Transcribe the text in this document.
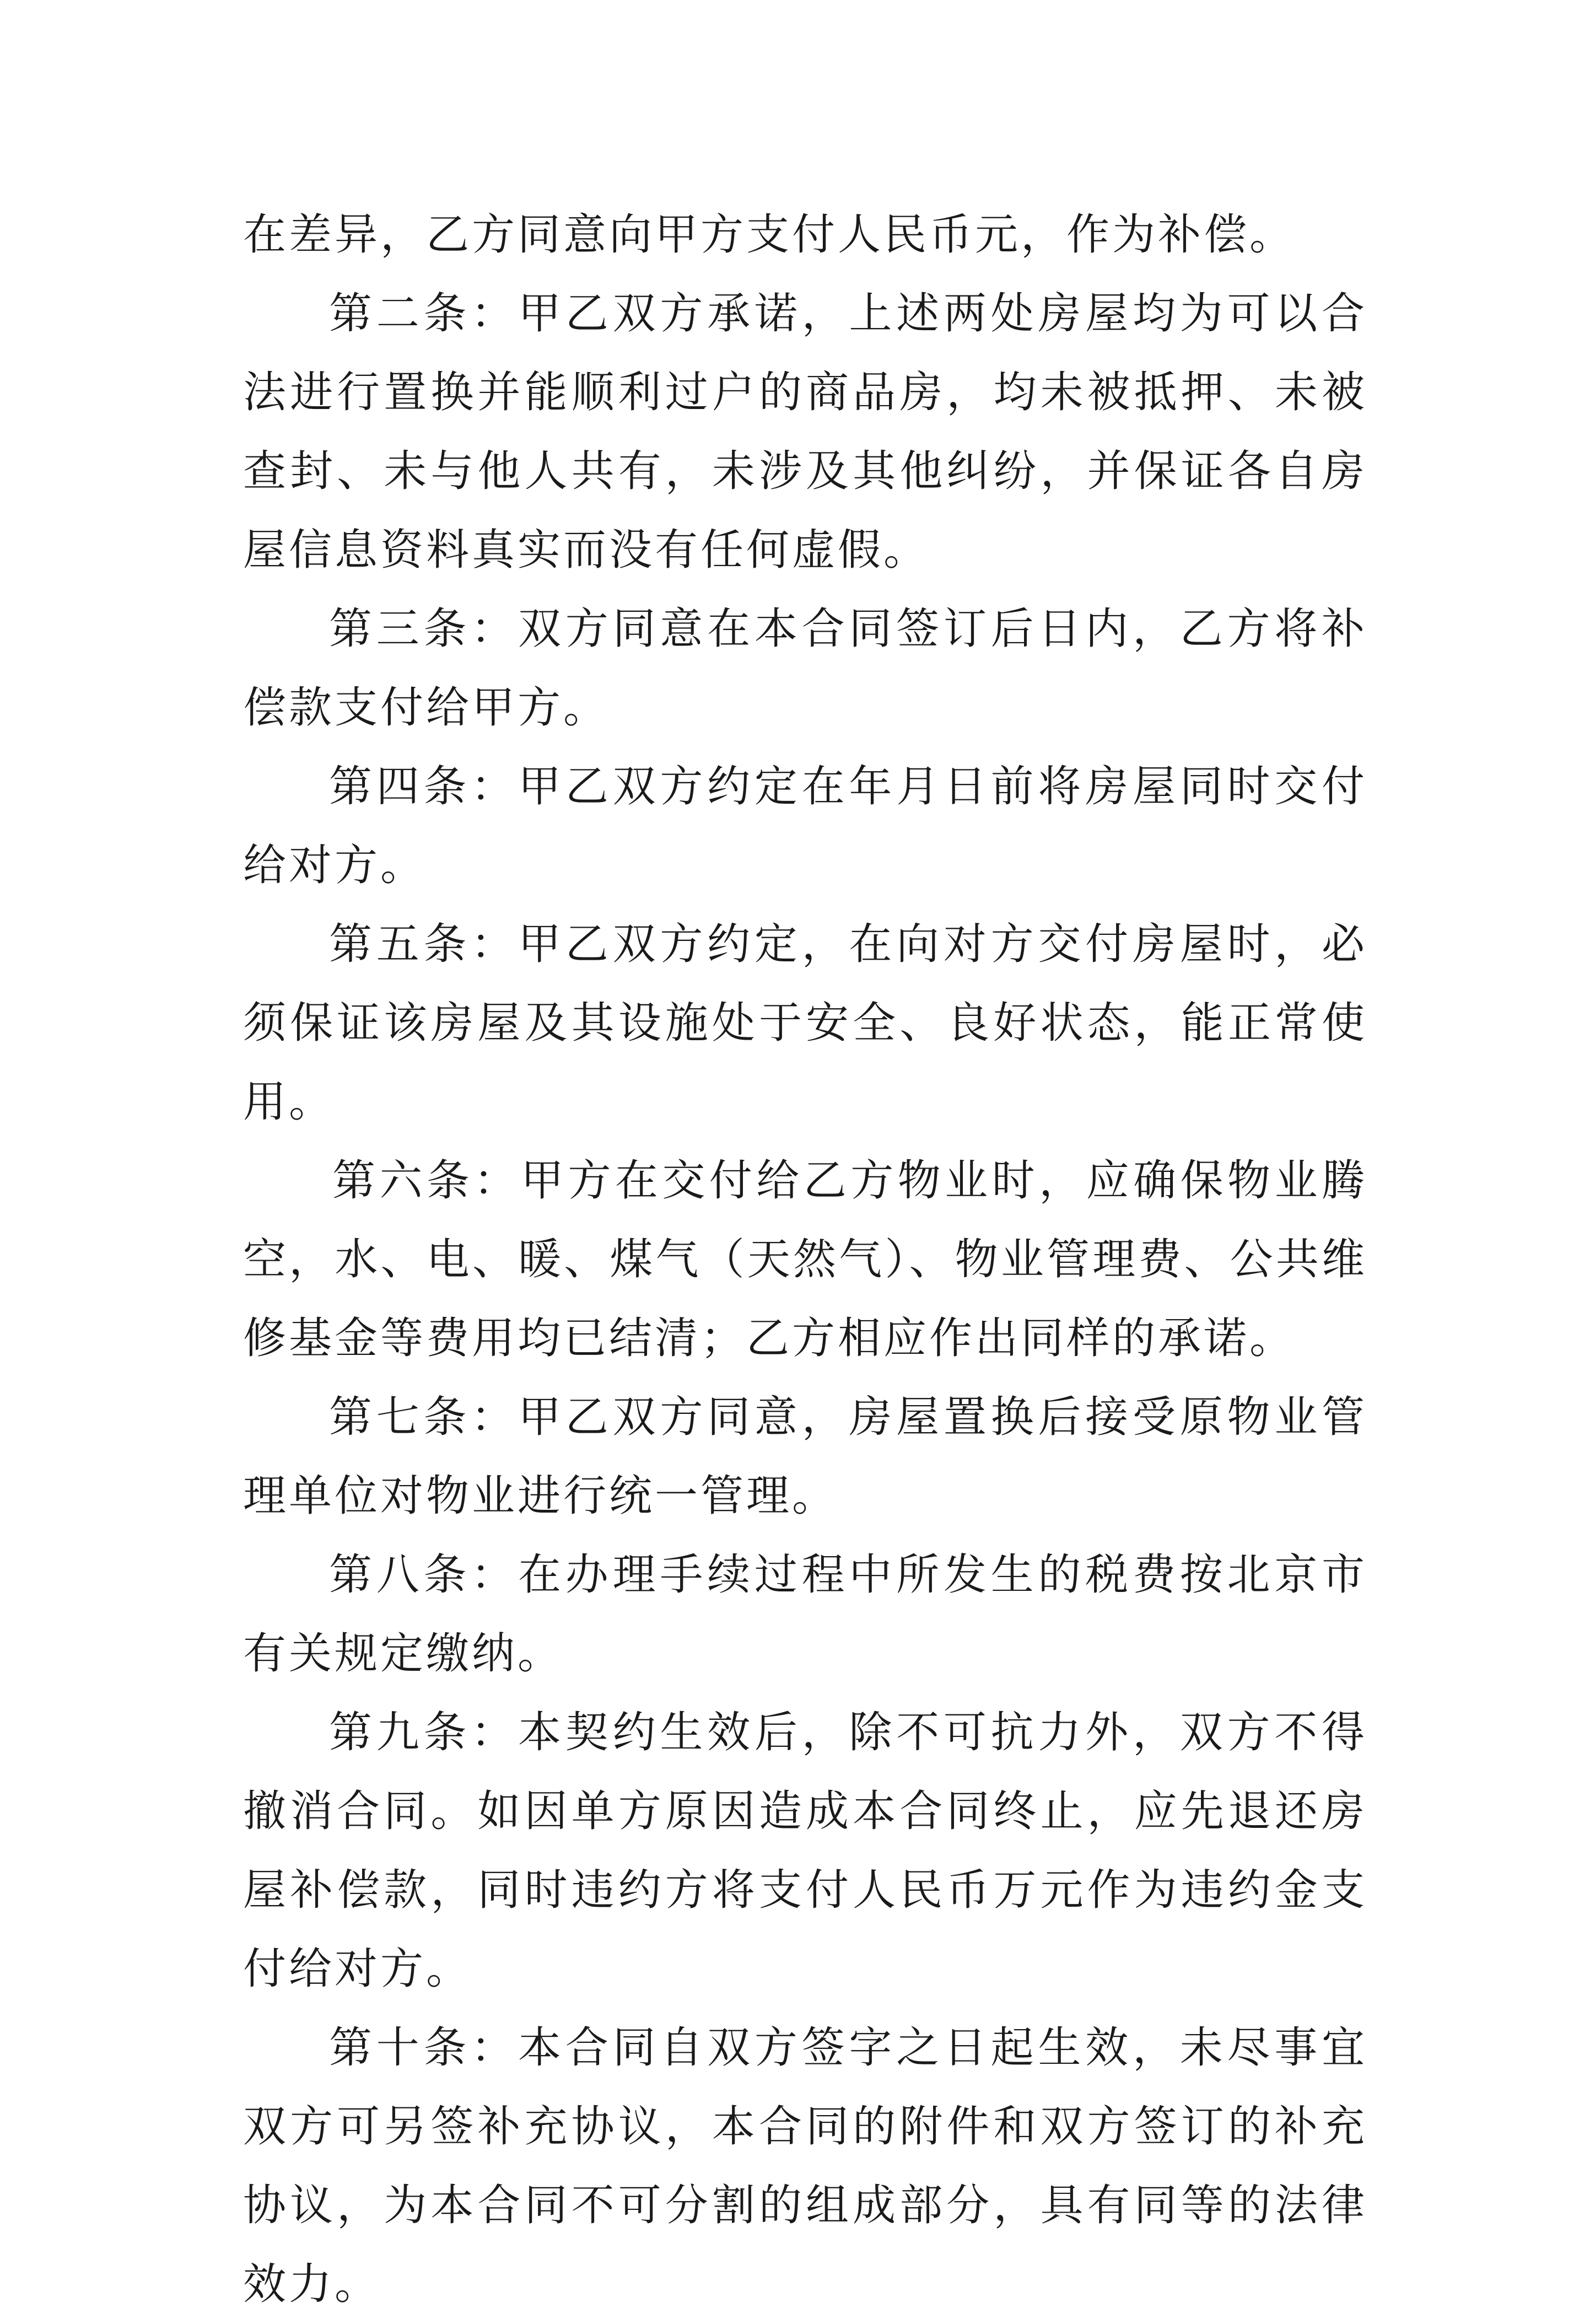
在差异，乙方同意向甲方支付人民币元，作为补偿。

第二条：甲乙双方承诺，上述两处房屋均为可以合法进行置换并能顺利过户的商品房，均未被抵押、未被查封、未与他人共有，未涉及其他纠纷，并保证各自房屋信息资料真实而没有任何虚假。

第三条：双方同意在本合同签订后日内，乙方将补偿款支付给甲方。

第四条：甲乙双方约定在年月日前将房屋同时交付给对方。

第五条：甲乙双方约定，在向对方交付房屋时，必须保证该房屋及其设施处于安全、良好状态，能正常使用。

第六条：甲方在交付给乙方物业时，应确保物业腾空，水、电、暖、煤气（天然气）、物业管理费、公共维修基金等费用均已结清；乙方相应作出同样的承诺。

第七条：甲乙双方同意，房屋置换后接受原物业管理单位对物业进行统一管理。

第八条：在办理手续过程中所发生的税费按北京市有关规定缴纳。

第九条：本契约生效后，除不可抗力外，双方不得撤消合同。如因单方原因造成本合同终止，应先退还房屋补偿款，同时违约方将支付人民币万元作为违约金支付给对方。

第十条：本合同自双方签字之日起生效，未尽事宜双方可另签补充协议，本合同的附件和双方签订的补充协议，为本合同不可分割的组成部分，具有同等的法律效力。
